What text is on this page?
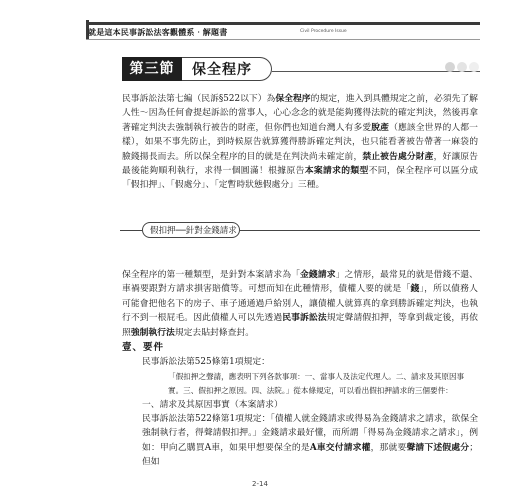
就是這本民事訴訟法客觀體系‧解題書	Civil Procedure Issue
第三節	保全程序
民事訴訟法第七編（民訴§522以下）為保全程序的規定，進入到具體規定之前，必須先了解人性～因為任何會提起訴訟的當事人，心心念念的就是能夠獲得法院的確定判決，然後再拿著確定判決去強制執行被告的財產，但你們也知道台灣人有多愛脫產（應該全世界的人都一樣），如果不事先防止，到時候原告就算獲得勝訴確定判決，也只能看著被告帶著一麻袋的臉錢揚長而去。所以保全程序的目的就是在判決尚未確定前，禁止被告處分財產，好讓原告最後能夠順利執行，求得一個圓滿！根據原告本案請求的類型不同，保全程序可以區分成「假扣押」、「假處分」、「定暫時狀態假處分」三種。
假扣押──針對金錢請求
保全程序的第一種類型，是針對本案請求為「金錢請求」之情形，最常見的就是借錢不還、車禍要跟對方請求損害賠償等。可想而知在此種情形，債權人要的就是「錢」，所以債務人可能會把他名下的房子、車子通通過戶給別人，讓債權人就算真的拿到勝訴確定判決，也執行不到一根屁毛。因此債權人可以先透過民事訴訟法規定聲請假扣押，等拿到裁定後，再依照強制執行法規定去貼封條查封。
壹、要件
民事訴訟法第525條第1項規定：
「假扣押之聲請，應表明下列各款事項：一、當事人及法定代理人。二、請求及其原因事實。三、假扣押之原因。四、法院。」從本條規定，可以看出假扣押請求的三個要件：
一、請求及其原因事實（本案請求）
民事訴訟法第522條第1項規定：「債權人就金錢請求或得易為金錢請求之請求，欲保全強制執行者，得聲請假扣押。」金錢請求最好懂，而所謂「得易為金錢請求之請求」，例如：甲向乙購買A車，如果甲想要保全的是A車交付請求權，那就要聲請下述假處分；但如
2-14
